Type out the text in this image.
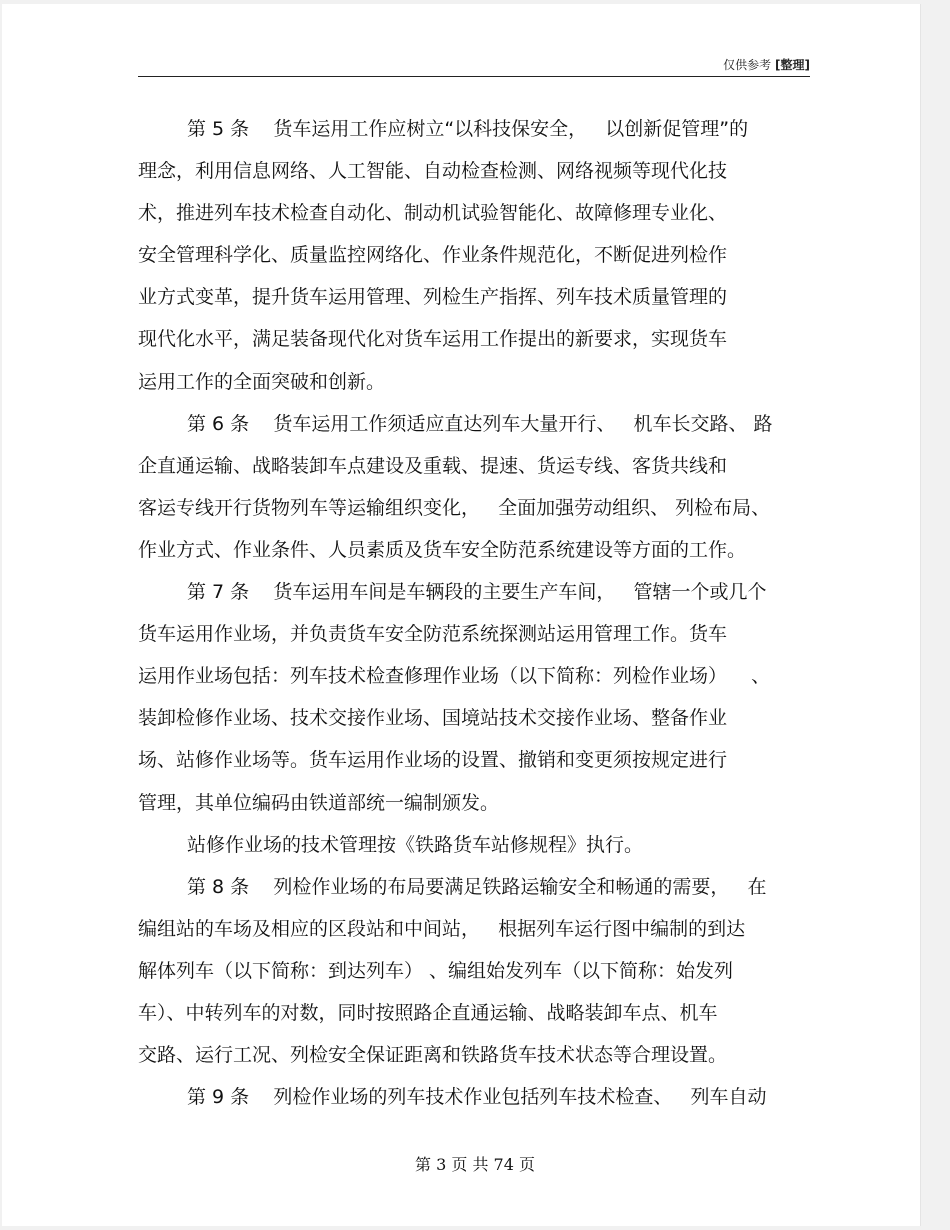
仅供参考 [整理]
第 5 条    货车运用工作应树立“以科技保安全，   以创新促管理”的
理念，利用信息网络、人工智能、自动检查检测、网络视频等现代化技
术，推进列车技术检查自动化、制动机试验智能化、故障修理专业化、
安全管理科学化、质量监控网络化、作业条件规范化，不断促进列检作
业方式变革，提升货车运用管理、列检生产指挥、列车技术质量管理的
现代化水平，满足装备现代化对货车运用工作提出的新要求，实现货车
运用工作的全面突破和创新。
第 6 条    货车运用工作须适应直达列车大量开行、   机车长交路、 路
企直通运输、战略装卸车点建设及重载、提速、货运专线、客货共线和
客运专线开行货物列车等运输组织变化，   全面加强劳动组织、 列检布局、
作业方式、作业条件、人员素质及货车安全防范系统建设等方面的工作。
第 7 条    货车运用车间是车辆段的主要生产车间，   管辖一个或几个
货车运用作业场，并负责货车安全防范系统探测站运用管理工作。货车
运用作业场包括：列车技术检查修理作业场（以下简称：列检作业场）    、
装卸检修作业场、技术交接作业场、国境站技术交接作业场、整备作业
场、站修作业场等。货车运用作业场的设置、撤销和变更须按规定进行
管理，其单位编码由铁道部统一编制颁发。
站修作业场的技术管理按《铁路货车站修规程》执行。
第 8 条    列检作业场的布局要满足铁路运输安全和畅通的需要，   在
编组站的车场及相应的区段站和中间站，   根据列车运行图中编制的到达
解体列车（以下简称：到达列车） 、编组始发列车（以下简称：始发列
车）、中转列车的对数，同时按照路企直通运输、战略装卸车点、机车
交路、运行工况、列检安全保证距离和铁路货车技术状态等合理设置。
第 9 条    列检作业场的列车技术作业包括列车技术检查、   列车自动
第 3 页 共 74 页
